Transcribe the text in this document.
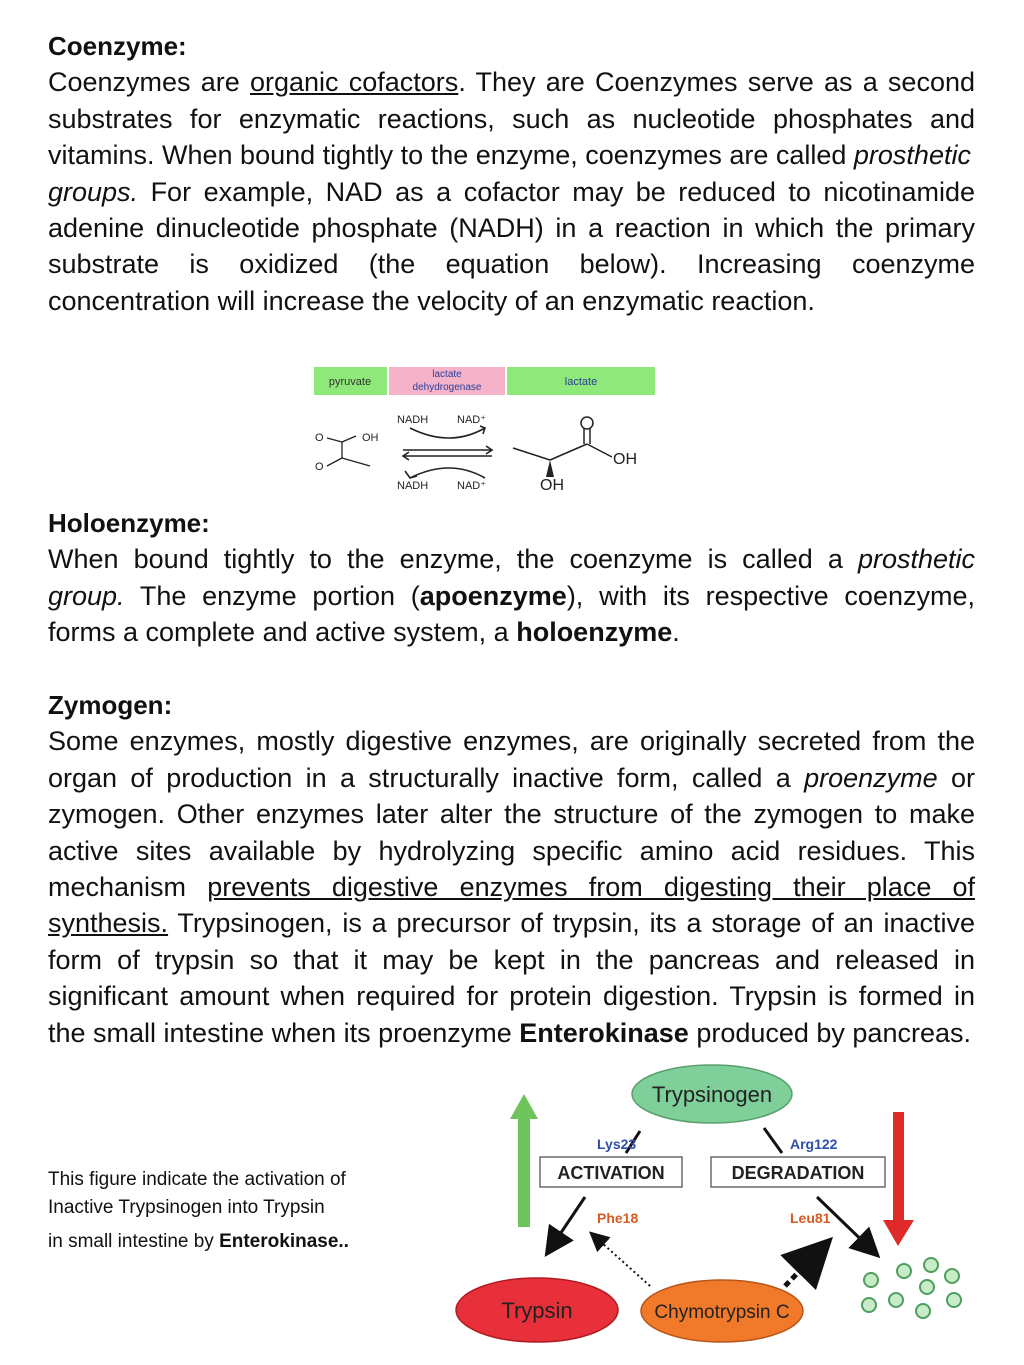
Coenzyme:

Coenzymes are organic cofactors. They are Coenzymes serve as a second substrates for enzymatic reactions, such as nucleotide phosphates and vitamins. When bound tightly to the enzyme, coenzymes are called prosthetic

groups. For example, NAD as a cofactor may be reduced to nicotinamide adenine dinucleotide phosphate (NADH) in a reaction in which the primary substrate is oxidized (the equation below). Increasing coenzyme concentration will increase the velocity of an enzymatic reaction.

pyruvate
lactate
dehydrogenase	lactate
O	OH
O
NADH	NAD⁺
NADH	NAD⁺
OH
OH
Holoenzyme:

When bound tightly to the enzyme, the coenzyme is called a prosthetic group. The enzyme portion (apoenzyme), with its respective coenzyme, forms a complete and active system, a holoenzyme.

Zymogen:

Some enzymes, mostly digestive enzymes, are originally secreted from the organ of production in a structurally inactive form, called a proenzyme or zymogen. Other enzymes later alter the structure of the zymogen to make active sites available by hydrolyzing specific amino acid residues. This mechanism prevents digestive enzymes from digesting their place of synthesis. Trypsinogen, is a precursor of trypsin, its a storage of an inactive form of trypsin so that it may be kept in the pancreas and released in significant amount when required for protein digestion. Trypsin is formed in the small intestine when its proenzyme Enterokinase produced by pancreas.

This figure indicate the activation of
Inactive Trypsinogen into Trypsin
in small intestine by Enterokinase..
Trypsinogen
Lys23	Arg122
ACTIVATION	DEGRADATION
Phe18	Leu81
Trypsin	Chymotrypsin C
